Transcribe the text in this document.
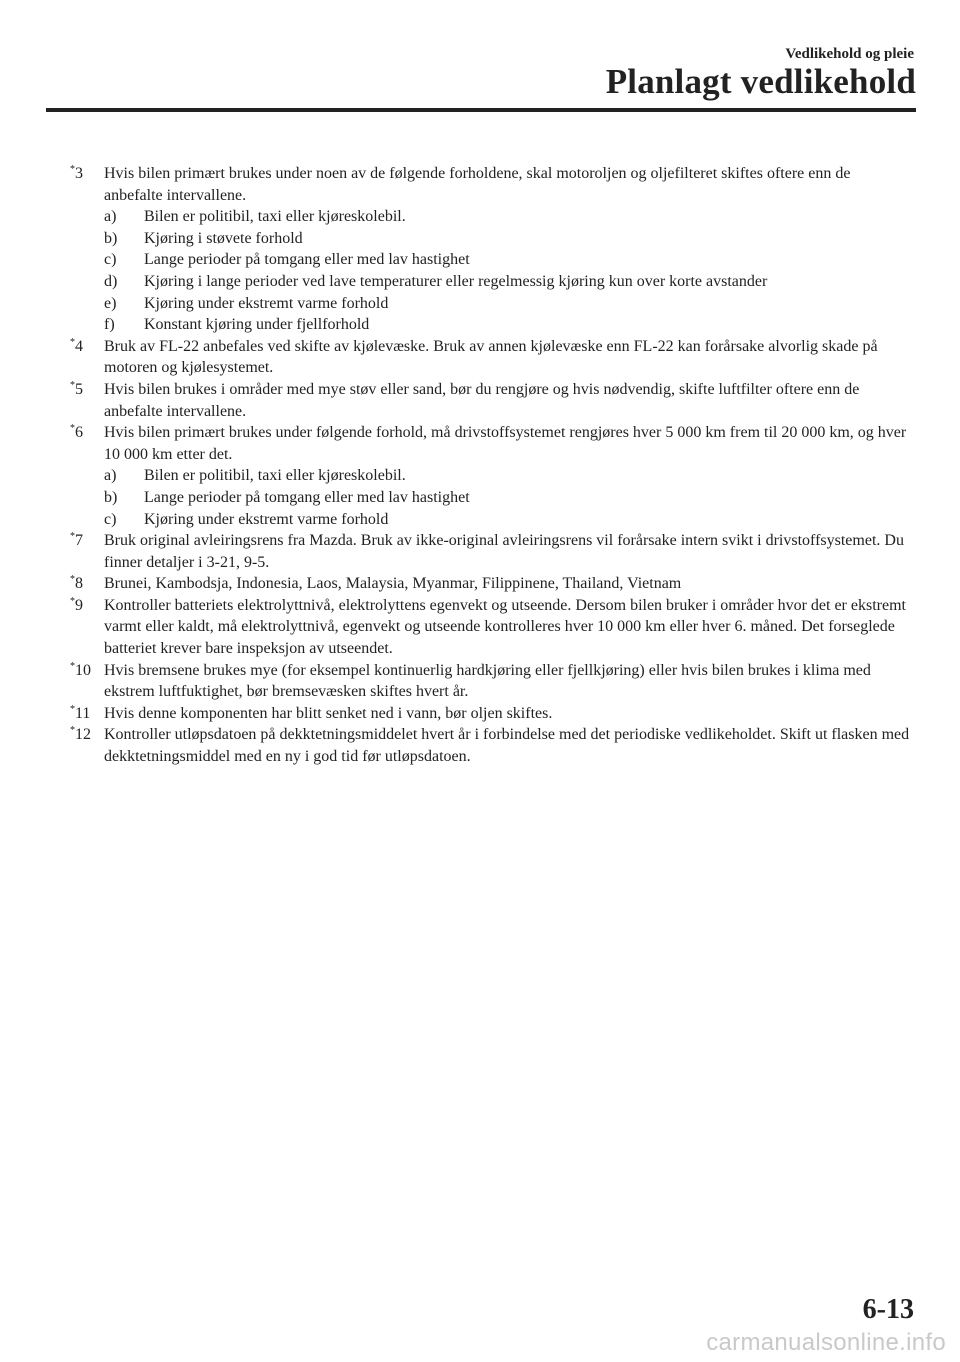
Vedlikehold og pleie
Planlagt vedlikehold
*3 Hvis bilen primært brukes under noen av de følgende forholdene, skal motoroljen og oljefilteret skiftes oftere enn de anbefalte intervallene.
a) Bilen er politibil, taxi eller kjøreskolebil.
b) Kjøring i støvete forhold
c) Lange perioder på tomgang eller med lav hastighet
d) Kjøring i lange perioder ved lave temperaturer eller regelmessig kjøring kun over korte avstander
e) Kjøring under ekstremt varme forhold
f) Konstant kjøring under fjellforhold
*4 Bruk av FL-22 anbefales ved skifte av kjølevæske. Bruk av annen kjølevæske enn FL-22 kan forårsake alvorlig skade på motoren og kjølesystemet.
*5 Hvis bilen brukes i områder med mye støv eller sand, bør du rengjøre og hvis nødvendig, skifte luftfilter oftere enn de anbefalte intervallene.
*6 Hvis bilen primært brukes under følgende forhold, må drivstoffsystemet rengjøres hver 5 000 km frem til 20 000 km, og hver 10 000 km etter det.
a) Bilen er politibil, taxi eller kjøreskolebil.
b) Lange perioder på tomgang eller med lav hastighet
c) Kjøring under ekstremt varme forhold
*7 Bruk original avleiringsrens fra Mazda. Bruk av ikke-original avleiringsrens vil forårsake intern svikt i drivstoffsystemet. Du finner detaljer i 3-21, 9-5.
*8 Brunei, Kambodsja, Indonesia, Laos, Malaysia, Myanmar, Filippinene, Thailand, Vietnam
*9 Kontroller batteriets elektrolyttnivå, elektrolyttens egenvekt og utseende. Dersom bilen bruker i områder hvor det er ekstremt varmt eller kaldt, må elektrolyttnivå, egenvekt og utseende kontrolleres hver 10 000 km eller hver 6. måned. Det forseglede batteriet krever bare inspeksjon av utseendet.
*10 Hvis bremsene brukes mye (for eksempel kontinuerlig hardkjøring eller fjellkjøring) eller hvis bilen brukes i klima med ekstrem luftfuktighet, bør bremsevæsken skiftes hvert år.
*11 Hvis denne komponenten har blitt senket ned i vann, bør oljen skiftes.
*12 Kontroller utløpsdatoen på dekktetningsmiddelet hvert år i forbindelse med det periodiske vedlikeholdet. Skift ut flasken med dekktetningsmiddel med en ny i god tid før utløpsdatoen.
6-13
carmanualsonline.info
